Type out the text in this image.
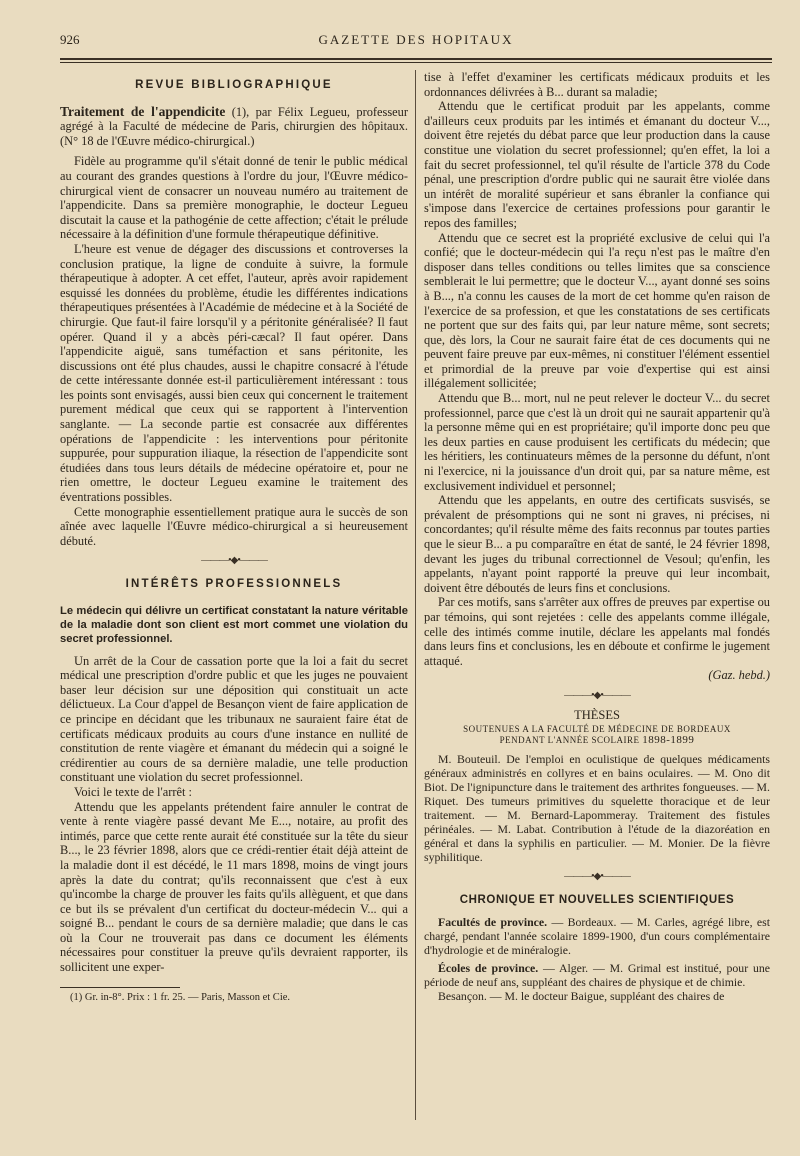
926	GAZETTE DES HOPITAUX
REVUE BIBLIOGRAPHIQUE

Traitement de l'appendicite (1), par Félix Legueu, professeur agrégé à la Faculté de médecine de Paris, chirurgien des hôpitaux. (N° 18 de l'Œuvre médico-chirurgical.)

Fidèle au programme qu'il s'était donné de tenir le public médical au courant des grandes questions à l'ordre du jour, l'Œuvre médico-chirurgical vient de consacrer un nouveau numéro au traitement de l'appendicite. Dans sa première monographie, le docteur Legueu discutait la cause et la pathogénie de cette affection; c'était le prélude nécessaire à la définition d'une formule thérapeutique définitive.

L'heure est venue de dégager des discussions et controverses la conclusion pratique, la ligne de conduite à suivre, la formule thérapeutique à adopter. A cet effet, l'auteur, après avoir rapidement esquissé les données du problème, étudie les différentes indications thérapeutiques présentées à l'Académie de médecine et à la Société de chirurgie. Que faut-il faire lorsqu'il y a péritonite généralisée? Il faut opérer. Quand il y a abcès péri-cæcal? Il faut opérer. Dans l'appendicite aiguë, sans tuméfaction et sans péritonite, les discussions ont été plus chaudes, aussi le chapitre consacré à l'étude de cette intéressante donnée est-il particulièrement intéressant : tous les points sont envisagés, aussi bien ceux qui concernent le traitement purement médical que ceux qui se rapportent à l'intervention sanglante. — La seconde partie est consacrée aux différentes opérations de l'appendicite : les interventions pour péritonite suppurée, pour suppuration iliaque, la résection de l'appendicite sont étudiées dans tous leurs détails de médecine opératoire et, pour ne rien omettre, le docteur Legueu examine le traitement des éventrations possibles.

Cette monographie essentiellement pratique aura le succès de son aînée avec laquelle l'Œuvre médico-chirurgical a si heureusement débuté.

———•◆•———
INTÉRÊTS PROFESSIONNELS

Le médecin qui délivre un certificat constatant la nature véritable de la maladie dont son client est mort commet une violation du secret professionnel.

Un arrêt de la Cour de cassation porte que la loi a fait du secret médical une prescription d'ordre public et que les juges ne pouvaient baser leur décision sur une déposition qui constituait un acte délictueux. La Cour d'appel de Besançon vient de faire application de ce principe en décidant que les tribunaux ne sauraient faire état de certificats médicaux produits au cours d'une instance en nullité de constitution de rente viagère et émanant du médecin qui a soigné le crédirentier au cours de sa dernière maladie, une telle production constituant une violation du secret professionnel.

Voici le texte de l'arrêt :

Attendu que les appelants prétendent faire annuler le contrat de vente à rente viagère passé devant Me E..., notaire, au profit des intimés, parce que cette rente aurait été constituée sur la tête du sieur B..., le 23 février 1898, alors que ce crédi-rentier était déjà atteint de la maladie dont il est décédé, le 11 mars 1898, moins de vingt jours après la date du contrat; qu'ils reconnaissent que c'est à eux qu'incombe la charge de prouver les faits qu'ils allèguent, et que dans ce but ils se prévalent d'un certificat du docteur-médecin V... qui a soigné B... pendant le cours de sa dernière maladie; que dans le cas où la Cour ne trouverait pas dans ce document les éléments nécessaires pour constituer la preuve qu'ils devraient rapporter, ils sollicitent une exper-

(1) Gr. in-8°. Prix : 1 fr. 25. — Paris, Masson et Cie.

tise à l'effet d'examiner les certificats médicaux produits et les ordonnances délivrées à B... durant sa maladie;

Attendu que le certificat produit par les appelants, comme d'ailleurs ceux produits par les intimés et émanant du docteur V..., doivent être rejetés du débat parce que leur production dans la cause constitue une violation du secret professionnel; qu'en effet, la loi a fait du secret professionnel, tel qu'il résulte de l'article 378 du Code pénal, une prescription d'ordre public qui ne saurait être violée dans un intérêt de moralité supérieur et sans ébranler la confiance qui s'impose dans l'exercice de certaines professions pour garantir le repos des familles;

Attendu que ce secret est la propriété exclusive de celui qui l'a confié; que le docteur-médecin qui l'a reçu n'est pas le maître d'en disposer dans telles conditions ou telles limites que sa conscience semblerait le lui permettre; que le docteur V..., ayant donné ses soins à B..., n'a connu les causes de la mort de cet homme qu'en raison de l'exercice de sa profession, et que les constatations de ses certificats ne portent que sur des faits qui, par leur nature même, sont secrets; que, dès lors, la Cour ne saurait faire état de ces documents qui ne peuvent faire preuve par eux-mêmes, ni constituer l'élément essentiel et primordial de la preuve par voie d'expertise qui est ainsi illégalement sollicitée;

Attendu que B... mort, nul ne peut relever le docteur V... du secret professionnel, parce que c'est là un droit qui ne saurait appartenir qu'à la personne même qui en est propriétaire; qu'il importe donc peu que les deux parties en cause produisent les certificats du médecin; que les héritiers, les continuateurs mêmes de la personne du défunt, n'ont ni l'exercice, ni la jouissance d'un droit qui, par sa nature même, est exclusivement individuel et personnel;

Attendu que les appelants, en outre des certificats susvisés, se prévalent de présomptions qui ne sont ni graves, ni précises, ni concordantes; qu'il résulte même des faits reconnus par toutes parties que le sieur B... a pu comparaître en état de santé, le 24 février 1898, devant les juges du tribunal correctionnel de Vesoul; qu'enfin, les appelants, n'ayant point rapporté la preuve qui leur incombait, doivent être déboutés de leurs fins et conclusions.

Par ces motifs, sans s'arrêter aux offres de preuves par expertise ou par témoins, qui sont rejetées : celle des appelants comme illégale, celle des intimés comme inutile, déclare les appelants mal fondés dans leurs fins et conclusions, les en déboute et confirme le jugement attaqué.

(Gaz. hebd.)
———•◆•———
THÈSES
SOUTENUES A LA FACULTÉ DE MÉDECINE DE BORDEAUX
PENDANT L'ANNÉE SCOLAIRE 1898-1899

M. Bouteuil. De l'emploi en oculistique de quelques médicaments généraux administrés en collyres et en bains oculaires. — M. Ono dit Biot. De l'ignipuncture dans le traitement des arthrites fongueuses. — M. Riquet. Des tumeurs primitives du squelette thoracique et de leur traitement. — M. Bernard-Lapommeray. Traitement des fistules périnéales. — M. Labat. Contribution à l'étude de la diazoréation en général et dans la syphilis en particulier. — M. Monier. De la fièvre syphilitique.

———•◆•———
CHRONIQUE ET NOUVELLES SCIENTIFIQUES

Facultés de province. — Bordeaux. — M. Carles, agrégé libre, est chargé, pendant l'année scolaire 1899-1900, d'un cours complémentaire d'hydrologie et de minéralogie.

Écoles de province. — Alger. — M. Grimal est institué, pour une période de neuf ans, suppléant des chaires de physique et de chimie.

Besançon. — M. le docteur Baigue, suppléant des chaires de
